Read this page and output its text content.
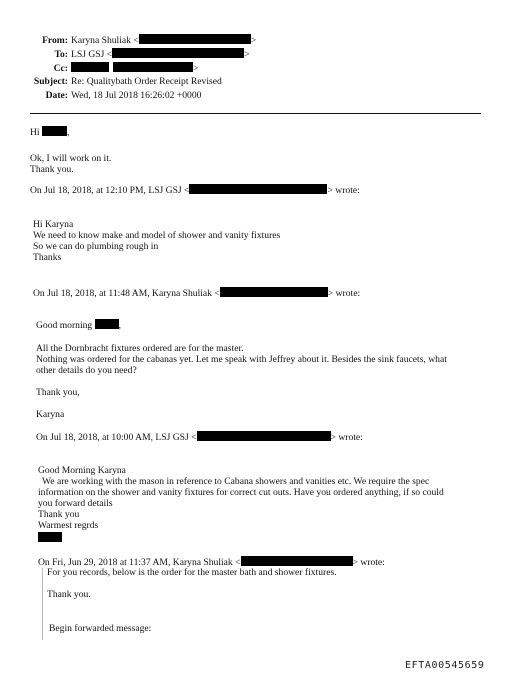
From: Karyna Shuliak <	>
To: LSJ GSJ <	>
Cc:	>
Subject: Re: Qualitybath Order Receipt Revised
Date: Wed, 18 Jul 2018 16:26:02 +0000
Hi	,
Ok, I will work on it.
Thank you.
On Jul 18, 2018, at 12:10 PM, LSJ GSJ <	> wrote:
Hi Karyna
We need to know make and model of shower and vanity fixtures
So we can do plumbing rough in
Thanks
On Jul 18, 2018, at 11:48 AM, Karyna Shuliak <	> wrote:
Good morning	,
All the Dornbracht fixtures ordered are for the master.
Nothing was ordered for the cabanas yet. Let me speak with Jeffrey about it. Besides the sink faucets, what
other details do you need?
Thank you,
Karyna
On Jul 18, 2018, at 10:00 AM, LSJ GSJ <	> wrote:
Good Morning Karyna
We are working with the mason in reference to Cabana showers and vanities etc. We require the spec
information on the shower and vanity fixtures for correct cut outs. Have you ordered anything, if so could
you forward details
Thank you
Warmest regrds
On Fri, Jun 29, 2018 at 11:37 AM, Karyna Shuliak <	> wrote:
For you records, below is the order for the master bath and shower fixtures.
Thank you.
Begin forwarded message:
EFTA00545659
